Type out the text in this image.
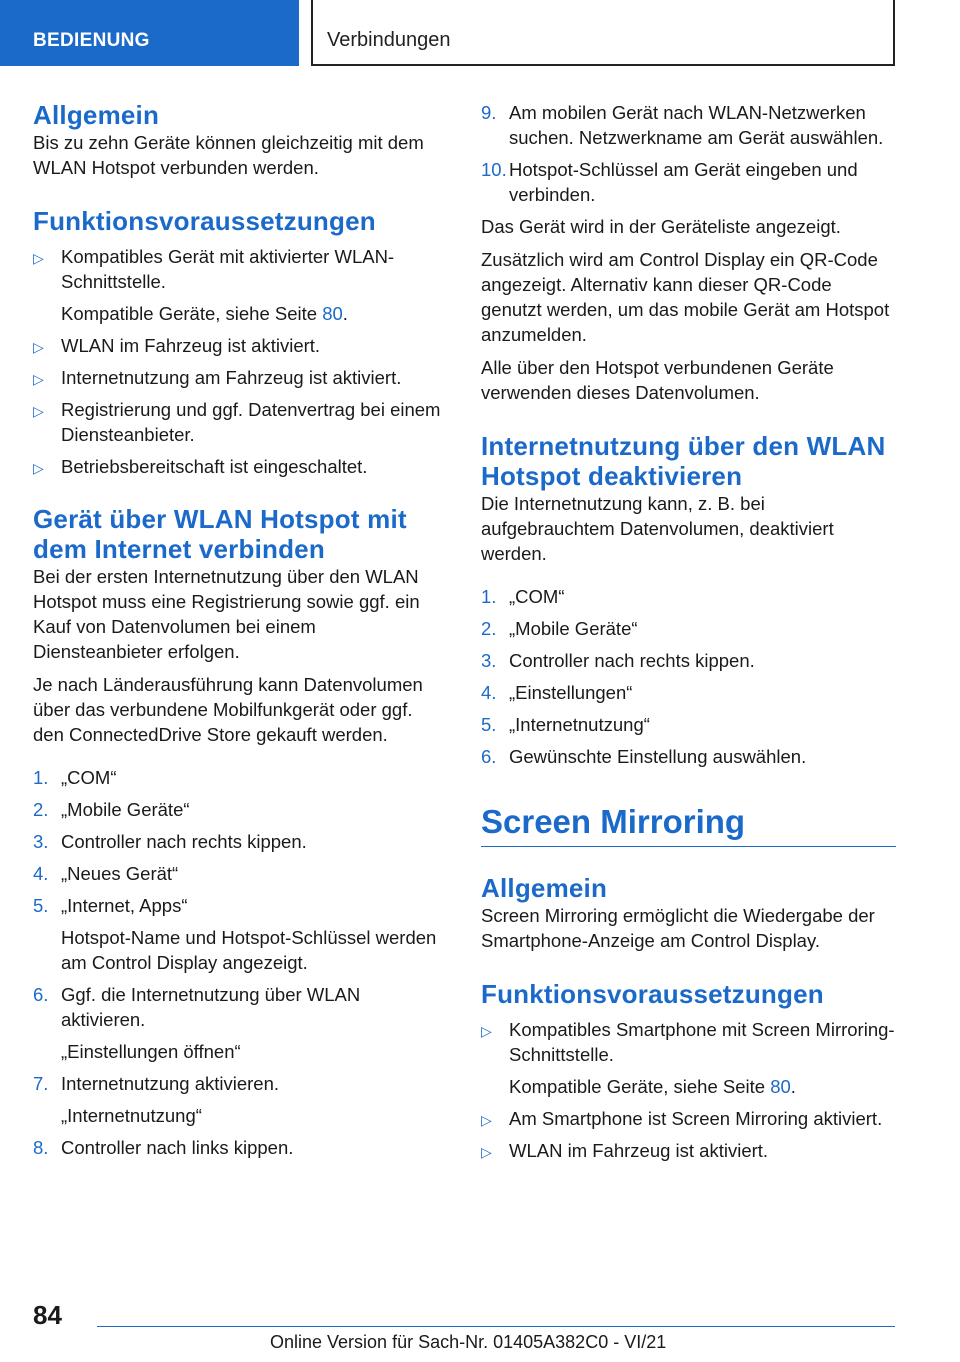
BEDIENUNG	Verbindungen
Allgemein

Bis zu zehn Geräte können gleichzeitig mit dem WLAN Hotspot verbunden werden.

Funktionsvoraussetzungen
▷ Kompatibles Gerät mit aktivierter WLAN-Schnittstelle.
Kompatible Geräte, siehe Seite 80.
▷ WLAN im Fahrzeug ist aktiviert.
▷ Internetnutzung am Fahrzeug ist aktiviert.
▷ Registrierung und ggf. Datenvertrag bei einem Diensteanbieter.
▷ Betriebsbereitschaft ist eingeschaltet.
Gerät über WLAN Hotspot mit dem Internet verbinden

Bei der ersten Internetnutzung über den WLAN Hotspot muss eine Registrierung sowie ggf. ein Kauf von Datenvolumen bei einem Diensteanbieter erfolgen.

Je nach Länderausführung kann Datenvolumen über das verbundene Mobilfunkgerät oder ggf. den ConnectedDrive Store gekauft werden.

1. „COM“
2. „Mobile Geräte“
3. Controller nach rechts kippen.
4. „Neues Gerät“
5. „Internet, Apps“
Hotspot-Name und Hotspot-Schlüssel werden am Control Display angezeigt.
6. Ggf. die Internetnutzung über WLAN aktivieren.
„Einstellungen öffnen“
7. Internetnutzung aktivieren.
„Internetnutzung“
8. Controller nach links kippen.
9. Am mobilen Gerät nach WLAN-Netzwerken suchen. Netzwerkname am Gerät auswählen.
10. Hotspot-Schlüssel am Gerät eingeben und verbinden.

Das Gerät wird in der Geräteliste angezeigt.

Zusätzlich wird am Control Display ein QR-Code angezeigt. Alternativ kann dieser QR-Code genutzt werden, um das mobile Gerät am Hotspot anzumelden.

Alle über den Hotspot verbundenen Geräte verwenden dieses Datenvolumen.

Internetnutzung über den WLAN Hotspot deaktivieren

Die Internetnutzung kann, z. B. bei aufgebrauchtem Datenvolumen, deaktiviert werden.

1. „COM“
2. „Mobile Geräte“
3. Controller nach rechts kippen.
4. „Einstellungen“
5. „Internetnutzung“
6. Gewünschte Einstellung auswählen.
Screen Mirroring
Allgemein

Screen Mirroring ermöglicht die Wiedergabe der Smartphone-Anzeige am Control Display.

Funktionsvoraussetzungen
▷ Kompatibles Smartphone mit Screen Mirroring-Schnittstelle.
Kompatible Geräte, siehe Seite 80.
▷ Am Smartphone ist Screen Mirroring aktiviert.
▷ WLAN im Fahrzeug ist aktiviert.
84
Online Version für Sach-Nr. 01405A382C0 - VI/21
